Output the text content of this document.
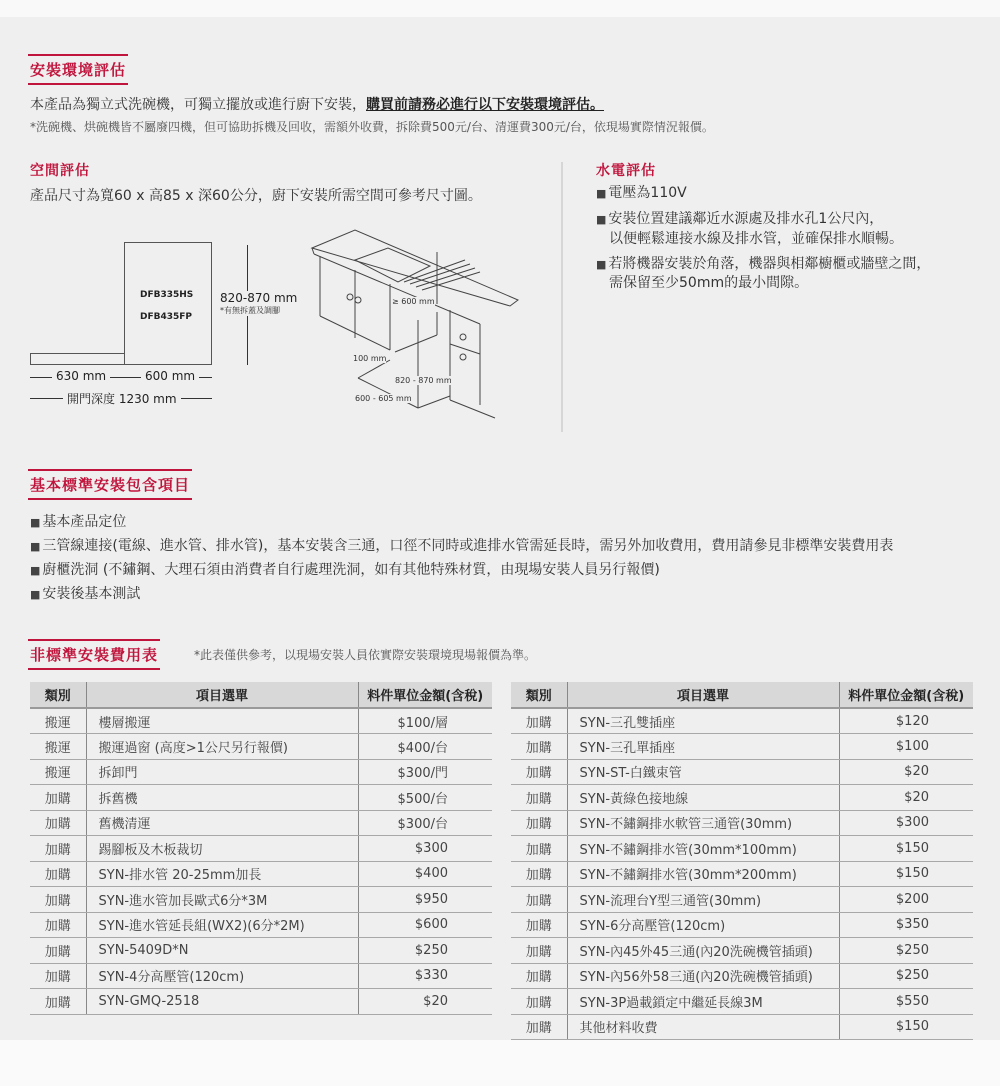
安裝環境評估
本產品為獨立式洗碗機，可獨立擺放或進行廚下安裝，購買前請務必進行以下安裝環境評估。
*洗碗機、烘碗機皆不屬廢四機，但可協助拆機及回收，需額外收費，拆除費500元/台、清運費300元/台，依現場實際情況報價。
空間評估
產品尺寸為寬60 x 高85 x 深60公分，廚下安裝所需空間可參考尺寸圖。
DFB335HS
DFB435FP
820-870 mm
*有無拆蓋及調腳
630 mm	600 mm
開門深度 1230 mm
≥ 600 mm
100 mm
820 - 870 mm
600 - 605 mm
水電評估
■ 電壓為110V
■ 安裝位置建議鄰近水源處及排水孔1公尺內，
以便輕鬆連接水線及排水管，並確保排水順暢。
■ 若將機器安裝於角落，機器與相鄰櫥櫃或牆壁之間，
需保留至少50mm的最小間隙。
基本標準安裝包含項目
■ 基本產品定位
■ 三管線連接(電線、進水管、排水管)，基本安裝含三通，口徑不同時或進排水管需延長時，需另外加收費用，費用請參見非標準安裝費用表
■ 廚櫃洗洞 (不鏽鋼、大理石須由消費者自行處理洗洞，如有其他特殊材質，由現場安裝人員另行報價)
■ 安裝後基本測試
非標準安裝費用表	*此表僅供參考，以現場安裝人員依實際安裝環境現場報價為準。
類別	項目選單	料件單位金額(含稅)
搬運	樓層搬運	$100/層
搬運	搬運過窗 (高度>1公尺另行報價)	$400/台
搬運	拆卸門	$300/門
加購	拆舊機	$500/台
加購	舊機清運	$300/台
加購	踢腳板及木板裁切	$300
加購	SYN-排水管 20-25mm加長	$400
加購	SYN-進水管加長歐式6分*3M	$950
加購	SYN-進水管延長組(WX2)(6分*2M)	$600
加購	SYN-5409D*N	$250
加購	SYN-4分高壓管(120cm)	$330
加購	SYN-GMQ-2518	$20
類別	項目選單	料件單位金額(含稅)
加購	SYN-三孔雙插座	$120
加購	SYN-三孔單插座	$100
加購	SYN-ST-白鐵束管	$20
加購	SYN-黃綠色接地線	$20
加購	SYN-不鏽鋼排水軟管三通管(30mm)	$300
加購	SYN-不鏽鋼排水管(30mm*100mm)	$150
加購	SYN-不鏽鋼排水管(30mm*200mm)	$150
加購	SYN-流理台Y型三通管(30mm)	$200
加購	SYN-6分高壓管(120cm)	$350
加購	SYN-內45外45三通(內20洗碗機管插頭)	$250
加購	SYN-內56外58三通(內20洗碗機管插頭)	$250
加購	SYN-3P過載鎖定中繼延長線3M	$550
加購	其他材料收費	$150
